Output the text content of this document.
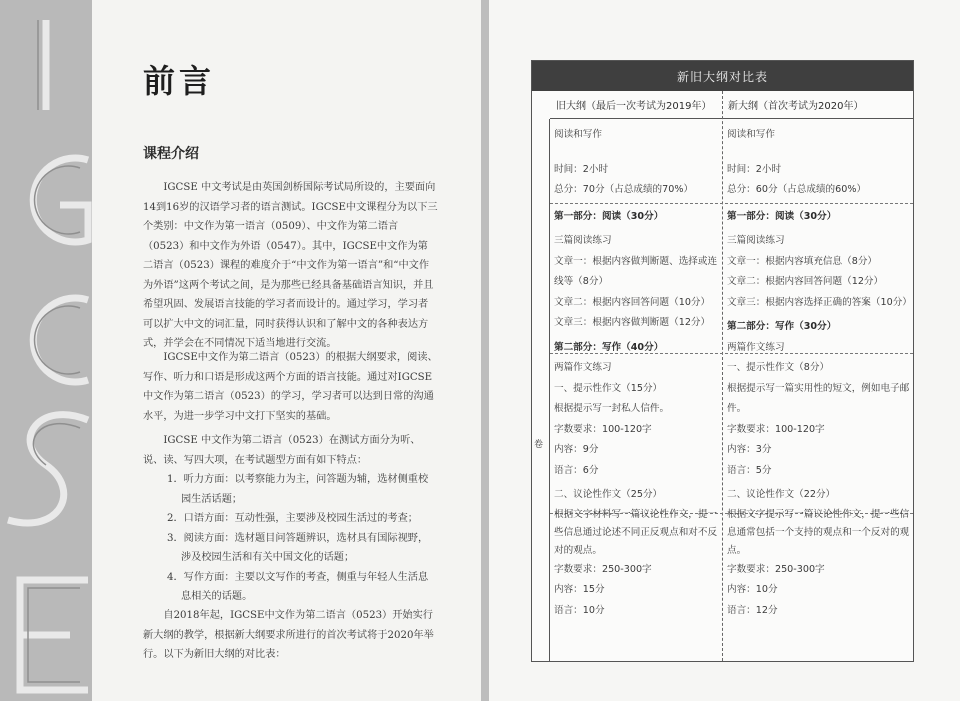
前言
课程介绍

IGCSE 中文考试是由英国剑桥国际考试局所设的，主要面向14到16岁的汉语学习者的语言测试。IGCSE中文课程分为以下三个类别：中文作为第一语言（0509）、中文作为第二语言（0523）和中文作为外语（0547）。其中，IGCSE中文作为第二语言（0523）课程的难度介于“中文作为第一语言”和“中文作为外语”这两个考试之间，是为那些已经具备基础语言知识，并且希望巩固、发展语言技能的学习者而设计的。通过学习，学习者可以扩大中文的词汇量，同时获得认识和了解中文的各种表达方式，并学会在不同情况下适当地进行交流。

IGCSE中文作为第二语言（0523）的根据大纲要求，阅读、写作、听力和口语是形成这两个方面的语言技能。通过对IGCSE中文作为第二语言（0523）的学习，学习者可以达到日常的沟通水平，为进一步学习中文打下坚实的基础。

IGCSE 中文作为第二语言（0523）在测试方面分为听、说、读、写四大项，在考试题型方面有如下特点：

1．听力方面：以考察能力为主，问答题为辅，选材侧重校园生活话题；
2．口语方面：互动性强，主要涉及校园生活过的考查；
3．阅读方面：选材题目问答题辨识，选材具有国际视野，涉及校园生活和有关中国文化的话题；
4．写作方面：主要以文写作的考查，侧重与年轻人生活息息相关的话题。

自2018年起，IGCSE中文作为第二语言（0523）开始实行新大纲的教学，根据新大纲要求所进行的首次考试将于2020年举行。以下为新旧大纲的对比表：

新旧大纲对比表
旧大纲（最后一次考试为2019年）	新大纲（首次考试为2020年）
卷
阅读和写作
时间：2小时
总分：70分（占总成绩的70%）
第一部分：阅读（30分）
三篇阅读练习
文章一：根据内容做判断题、选择或连线等（8分）
文章二：根据内容回答问题（10分）
文章三：根据内容做判断题（12分）
第二部分：写作（40分）
两篇作文练习
一、提示性作文（15分）
根据提示写一封私人信件。
字数要求：100-120字
内容：9分
语言：6分
二、议论性作文（25分）
根据文字材料写一篇议论性作文，提一些信息通过论述不同正反观点和对不反对的观点。
字数要求：250-300字
内容：15分
语言：10分
阅读和写作
时间：2小时
总分：60分（占总成绩的60%）
第一部分：阅读（30分）
三篇阅读练习
文章一：根据内容填充信息（8分）
文章二：根据内容回答问题（12分）
文章三：根据内容选择正确的答案（10分）
第二部分：写作（30分）
两篇作文练习
一、提示性作文（8分）
根据提示写一篇实用性的短文，例如电子邮件。
字数要求：100-120字
内容：3分
语言：5分
二、议论性作文（22分）
根据文字提示写一篇议论性作文，提一些信息通常包括一个支持的观点和一个反对的观点。
字数要求：250-300字
内容：10分
语言：12分
